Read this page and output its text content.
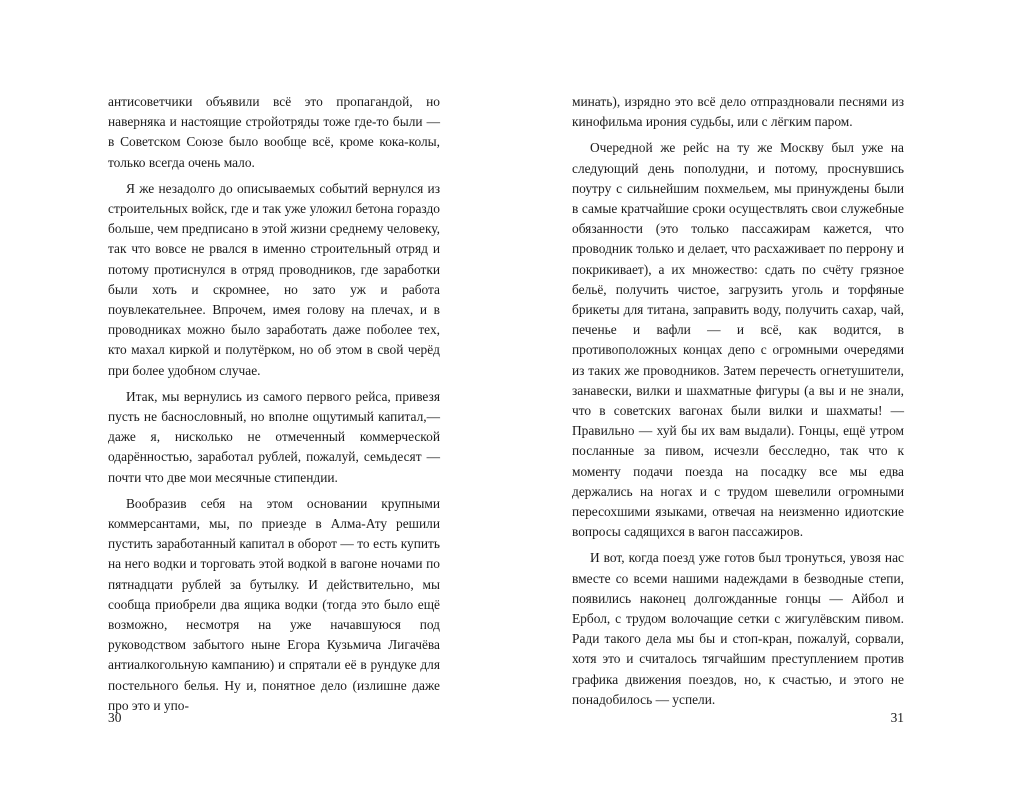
антисоветчики объявили всё это пропагандой, но наверняка и настоящие стройотряды тоже где-то были — в Советском Союзе было вообще всё, кроме кока-колы, только всегда очень мало.

Я же незадолго до описываемых событий вернулся из строительных войск, где и так уже уложил бетона гораздо больше, чем предписано в этой жизни среднему человеку, так что вовсе не рвался в именно строительный отряд и потому протиснулся в отряд проводников, где заработки были хоть и скромнее, но зато уж и работа поувлекательнее. Впрочем, имея голову на плечах, и в проводниках можно было заработать даже поболее тех, кто махал киркой и полутёрком, но об этом в свой черёд при более удобном случае.

Итак, мы вернулись из самого первого рейса, привезя пусть не баснословный, но вполне ощутимый капитал,— даже я, нисколько не отмеченный коммерческой одарённостью, заработал рублей, пожалуй, семьдесят — почти что две мои месячные стипендии.

Вообразив себя на этом основании крупными коммерсантами, мы, по приезде в Алма-Ату решили пустить заработанный капитал в оборот — то есть купить на него водки и торговать этой водкой в вагоне ночами по пятнадцати рублей за бутылку. И действительно, мы сообща приобрели два ящика водки (тогда это было ещё возможно, несмотря на уже начавшуюся под руководством забытого ныне Егора Кузьмича Лигачёва антиалкогольную кампанию) и спрятали её в рундуке для постельного белья. Ну и, понятное дело (излишне даже про это и упо-

минать), изрядно это всё дело отпраздновали песнями из кинофильма ирония судьбы, или с лёгким паром.

Очередной же рейс на ту же Москву был уже на следующий день пополудни, и потому, проснувшись поутру с сильнейшим похмельем, мы принуждены были в самые кратчайшие сроки осуществлять свои служебные обязанности (это только пассажирам кажется, что проводник только и делает, что расхаживает по перрону и покрикивает), а их множество: сдать по счёту грязное бельё, получить чистое, загрузить уголь и торфяные брикеты для титана, заправить воду, получить сахар, чай, печенье и вафли — и всё, как водится, в противоположных концах депо с огромными очередями из таких же проводников. Затем перечесть огнетушители, занавески, вилки и шахматные фигуры (а вы и не знали, что в советских вагонах были вилки и шахматы! — Правильно — хуй бы их вам выдали). Гонцы, ещё утром посланные за пивом, исчезли бесследно, так что к моменту подачи поезда на посадку все мы едва держались на ногах и с трудом шевелили огромными пересохшими языками, отвечая на неизменно идиотские вопросы садящихся в вагон пассажиров.

И вот, когда поезд уже готов был тронуться, увозя нас вместе со всеми нашими надеждами в безводные степи, появились наконец долгожданные гонцы — Айбол и Ербол, с трудом волочащие сетки с жигулёвским пивом. Ради такого дела мы бы и стоп-кран, пожалуй, сорвали, хотя это и считалось тягчайшим преступлением против графика движения поездов, но, к счастью, и этого не понадобилось — успели.

30	31
